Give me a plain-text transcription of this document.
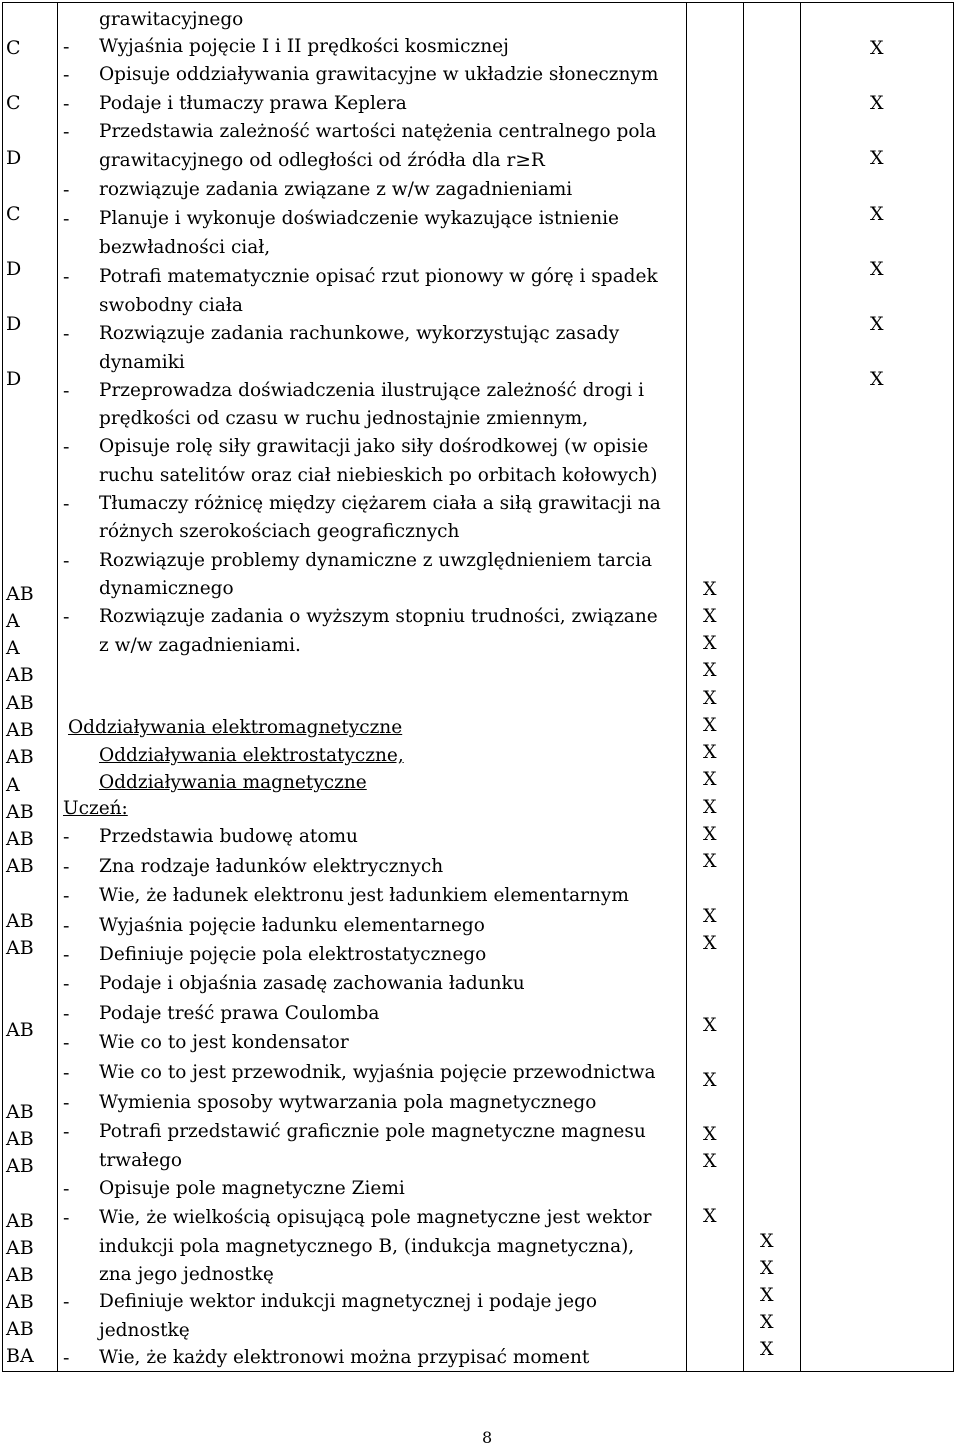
C
C
D
C
D
D
D
AB
A
A
AB
AB
AB
AB
A
AB
AB
AB
AB
AB
AB
AB
AB
AB
AB
AB
AB
AB
AB
BA
grawitacyjnego
- Wyjaśnia pojęcie I i II prędkości kosmicznej
- Opisuje oddziaływania grawitacyjne w układzie słonecznym
- Podaje i tłumaczy prawa Keplera
- Przedstawia zależność wartości natężenia centralnego pola
grawitacyjnego od odległości od źródła dla r≥R
- rozwiązuje zadania związane z w/w zagadnieniami
- Planuje i wykonuje doświadczenie wykazujące istnienie
bezwładności ciał,
- Potrafi matematycznie opisać rzut pionowy w górę i spadek
swobodny ciała
- Rozwiązuje zadania rachunkowe, wykorzystując zasady
dynamiki
- Przeprowadza doświadczenia ilustrujące zależność drogi i
prędkości od czasu w ruchu jednostajnie zmiennym,
- Opisuje rolę siły grawitacji jako siły dośrodkowej (w opisie
ruchu satelitów oraz ciał niebieskich po orbitach kołowych)
- Tłumaczy różnicę między ciężarem ciała a siłą grawitacji na
różnych szerokościach geograficznych
- Rozwiązuje problemy dynamiczne z uwzględnieniem tarcia
dynamicznego
- Rozwiązuje zadania o wyższym stopniu trudności, związane
z w/w zagadnieniami.
Oddziaływania elektromagnetyczne
Oddziaływania elektrostatyczne,
Oddziaływania magnetyczne
Uczeń:
- Przedstawia budowę atomu
- Zna rodzaje ładunków elektrycznych
- Wie, że ładunek elektronu jest ładunkiem elementarnym
- Wyjaśnia pojęcie ładunku elementarnego
- Definiuje pojęcie pola elektrostatycznego
- Podaje i objaśnia zasadę zachowania ładunku
- Podaje treść prawa Coulomba
- Wie co to jest kondensator
- Wie co to jest przewodnik, wyjaśnia pojęcie przewodnictwa
- Wymienia sposoby wytwarzania pola magnetycznego
- Potrafi przedstawić graficznie pole magnetyczne magnesu
trwałego
- Opisuje pole magnetyczne Ziemi
- Wie, że wielkością opisującą pole magnetyczne jest wektor
indukcji pola magnetycznego B, (indukcja magnetyczna),
zna jego jednostkę
- Definiuje wektor indukcji magnetycznej i podaje jego
jednostkę
- Wie, że każdy elektronowi można przypisać moment
X
X
X
X
X
X
X
X
X
X
X
X
X
X
X
X
X
X
X
X
X
X
X
X
X
X
X
X
X
X
8
